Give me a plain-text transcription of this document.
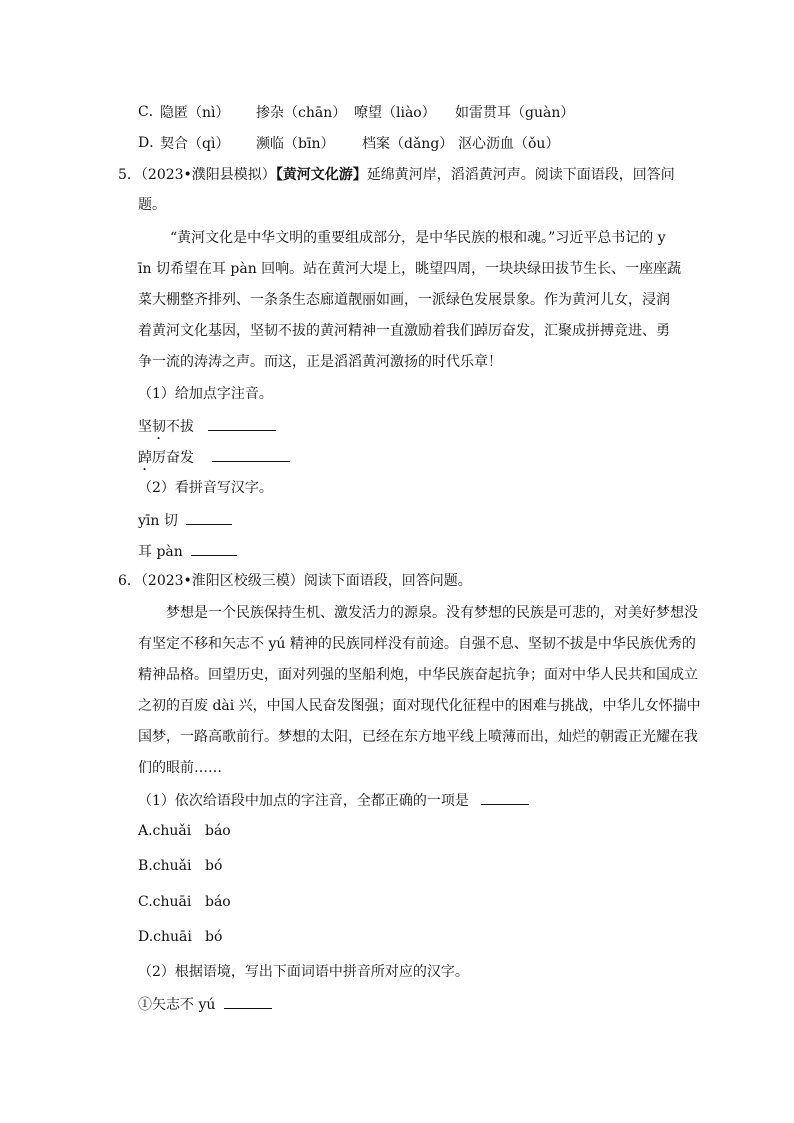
C．
隐匿（nì） 掺杂（chān） 嘹望（liào） 如雷贯耳（guàn）
D．
契合（qì） 濒临（bīn） 档案（dǎng） 沤心沥血（ǒu）
5．（2023•濮阳县模拟）【黄河文化游】延绵黄河岸，滔滔黄河声。阅读下面语段，回答问
题。
“黄河文化是中华文明的重要组成部分，是中华民族的根和魂。”习近平总书记的 y
īn 切希望在耳 pàn 回响。站在黄河大堤上，眺望四周，一块块绿田拔节生长、一座座蔬
菜大棚整齐排列、一条条生态廊道靓丽如画，一派绿色发展景象。作为黄河儿女，浸润
着黄河文化基因，坚韧不拔的黄河精神一直激励着我们踔厉奋发，汇聚成拼搏竞进、勇
争一流的涛涛之声。而这，正是滔滔黄河激扬的时代乐章！
（1）给加点字注音。
坚韧不拔
踔厉奋发
（2）看拼音写汉字。
yīn 切
耳 pàn
6．（2023•淮阳区校级三模）阅读下面语段，回答问题。
梦想是一个民族保持生机、激发活力的源泉。没有梦想的民族是可悲的，对美好梦想没
有坚定不移和矢志不 yú 精神的民族同样没有前途。自强不息、坚韧不拔是中华民族优秀的
精神品格。回望历史，面对列强的坚船利炮，中华民族奋起抗争；面对中华人民共和国成立
之初的百废 dài 兴，中国人民奋发图强；面对现代化征程中的困难与挑战，中华儿女怀揣中
国梦，一路高歌前行。梦想的太阳，已经在东方地平线上喷薄而出，灿烂的朝霞正光耀在我
们的眼前……
（1）依次给语段中加点的字注音，全都正确的一项是
A.chuǎi báo
B.chuǎi bó
C.chuāi báo
D.chuāi bó
（2）根据语境，写出下面词语中拼音所对应的汉字。
①矢志不 yú
